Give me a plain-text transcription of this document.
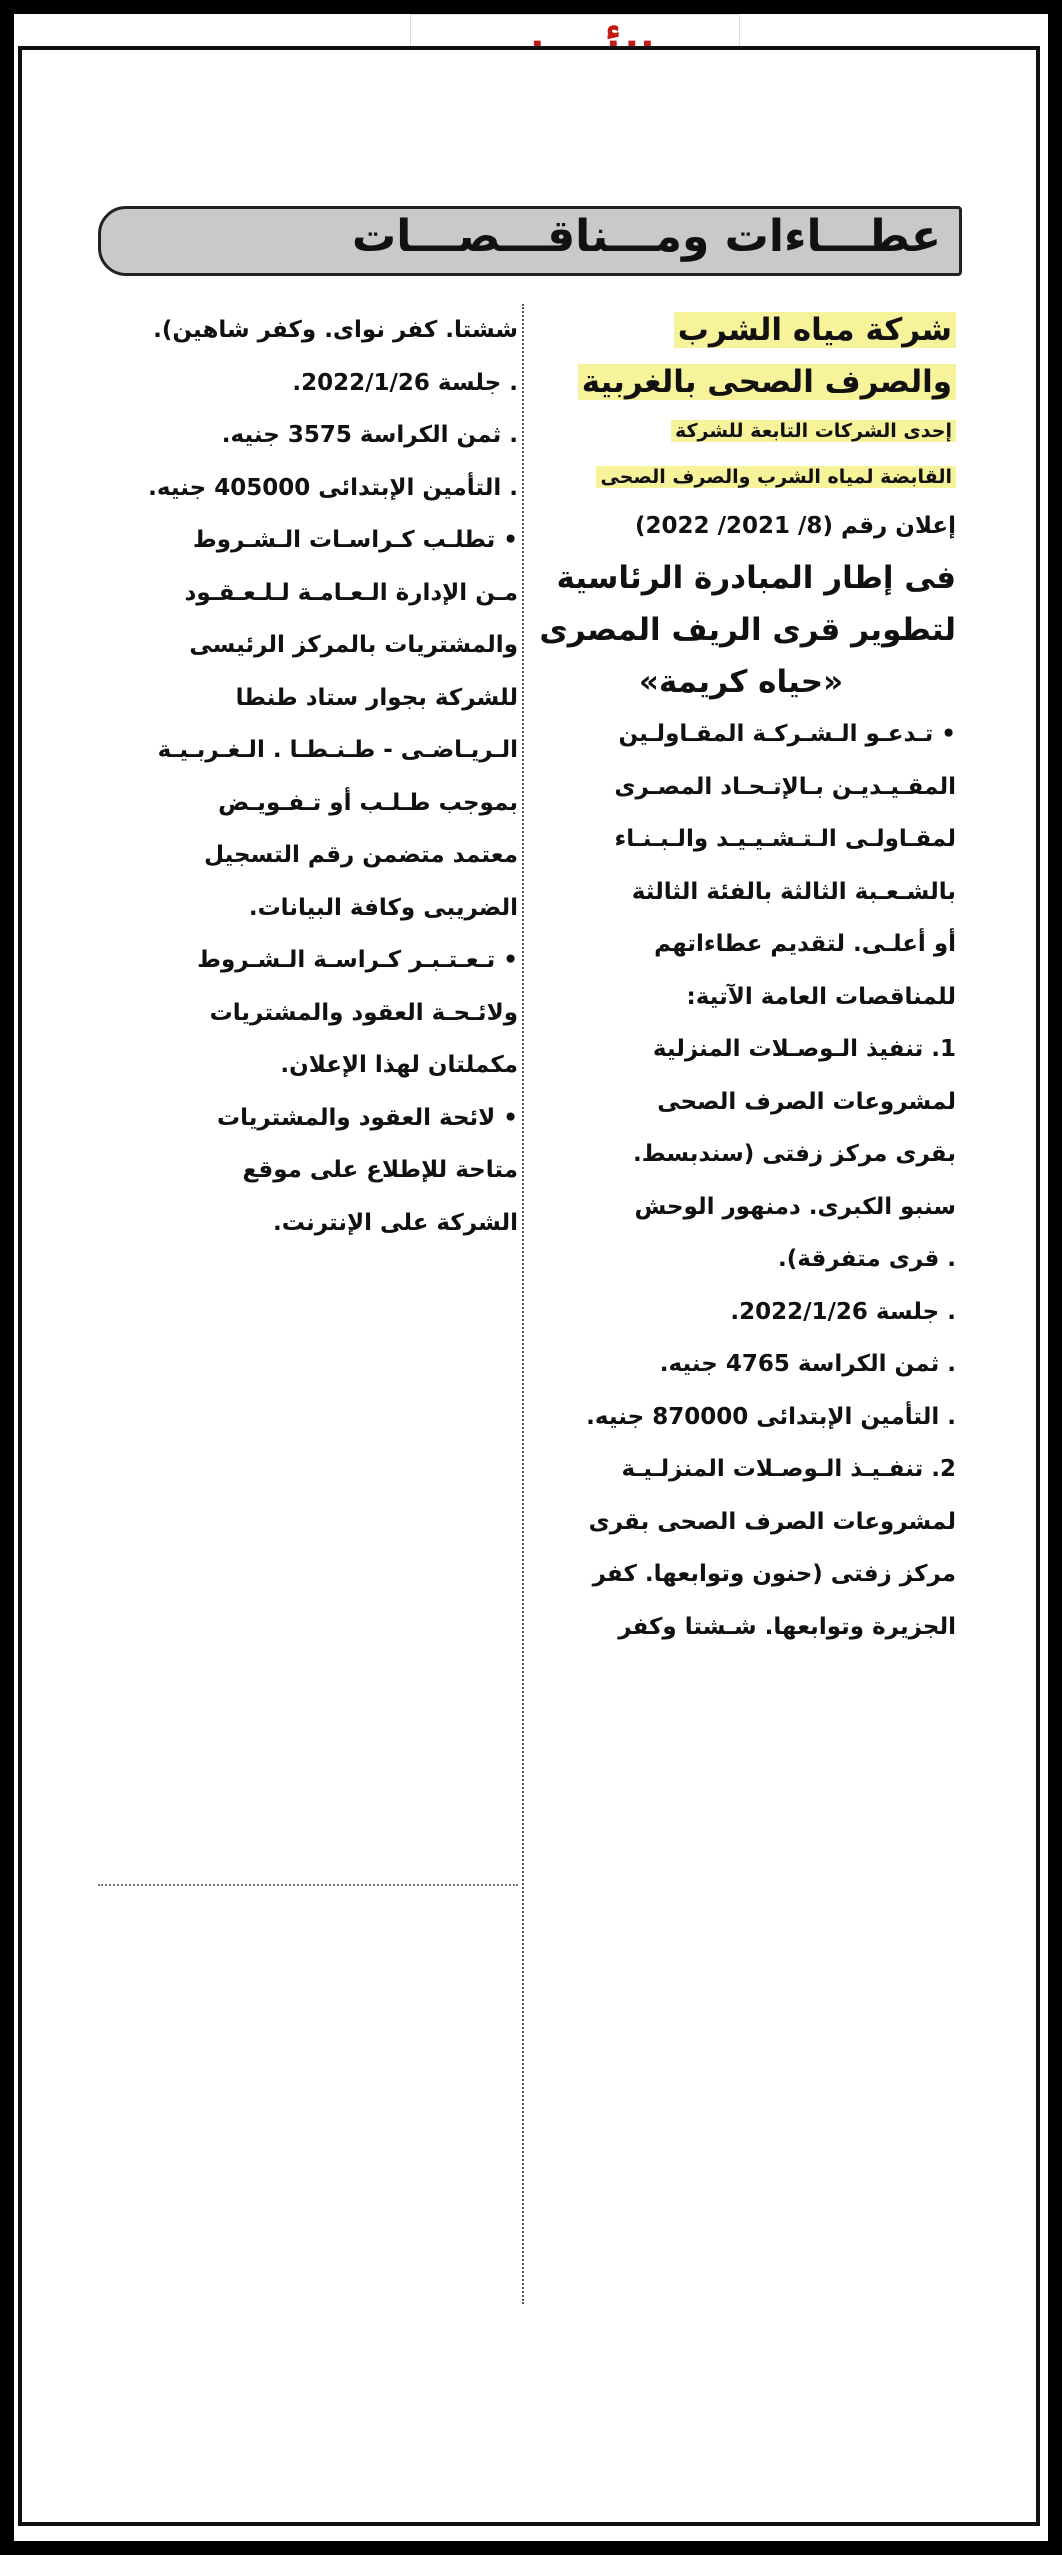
عطـــاءات ومـــناقـــصـــات
شركة مياه الشرب
والصرف الصحى بالغربية
إحدى الشركات التابعة للشركة
القابضة لمياه الشرب والصرف الصحى
إعلان رقم (8/ 2021/ 2022)
فى إطار المبادرة الرئاسية
لتطوير قرى الريف المصرى
«حياه كريمة»
• تـدعـو الـشـركـة المقـاولـين
المقـيـديـن بـالإتـحـاد المصـرى
لمقـاولـى الـتـشـيـيـد والـبـنـاء
بالشـعـبة الثالثة بالفئة الثالثة
أو أعلـى. لتقديم عطاءاتهم
للمناقصات العامة الآتية:
1. تنفيذ الـوصـلات المنزلية
لمشروعات الصرف الصحى
بقرى مركز زفتى (سندبسط.
سنبو الكبرى. دمنهور الوحش
. قرى متفرقة).
. جلسة 2022/1/26.
. ثمن الكراسة 4765 جنيه.
. التأمين الإبتدائى 870000 جنيه.
2. تنفـيـذ الـوصـلات المنزلـيـة
لمشروعات الصرف الصحى بقرى
مركز زفتى (حنون وتوابعها. كفر
الجزيرة وتوابعها. شـشتا وكفر
ششتا. كفر نواى. وكفر شاهين).
. جلسة 2022/1/26.
. ثمن الكراسة 3575 جنيه.
. التأمين الإبتدائى 405000 جنيه.
• تطلـب كـراسـات الـشـروط
مـن الإدارة الـعـامـة لـلـعـقـود
والمشتريات بالمركز الرئيسى
للشركة بجوار ستاد طنطا
الـريـاضـى - طـنـطـا . الـغـربـيـة
بموجب طـلـب أو تـفـويـض
معتمد متضمن رقم التسجيل
الضريبى وكافة البيانات.
• تـعـتـبـر كـراسـة الـشـروط
ولائـحـة العقود والمشتريات
مكملتان لهذا الإعلان.
• لائحة العقود والمشتريات
متاحة للإطلاع على موقع
الشركة على الإنترنت.
